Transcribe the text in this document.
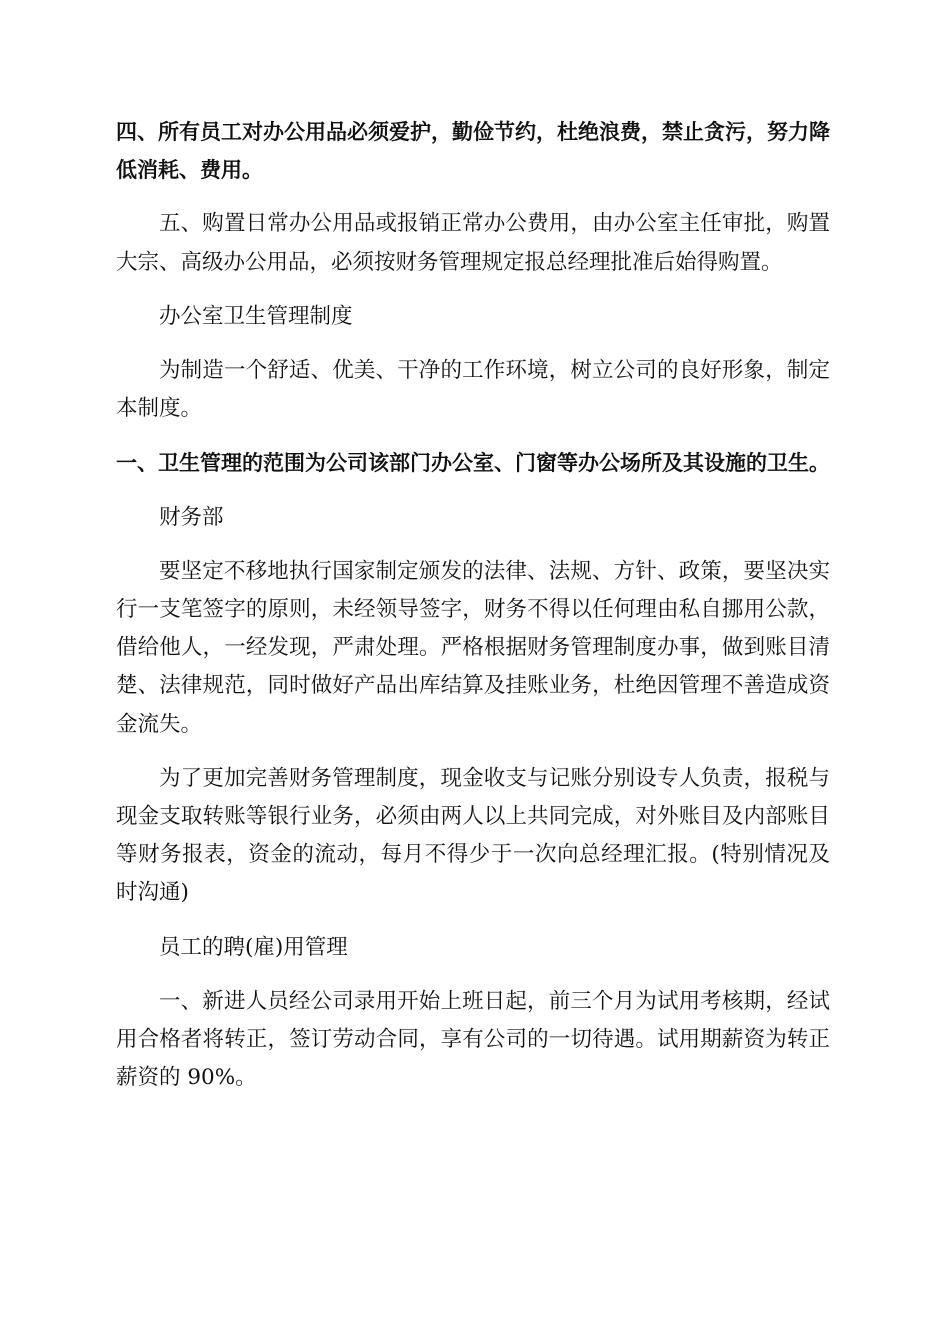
四、所有员工对办公用品必须爱护，勤俭节约，杜绝浪费，禁止贪污，努力降低消耗、费用。

五、购置日常办公用品或报销正常办公费用，由办公室主任审批，购置大宗、高级办公用品，必须按财务管理规定报总经理批准后始得购置。

办公室卫生管理制度

为制造一个舒适、优美、干净的工作环境，树立公司的良好形象，制定本制度。

一、卫生管理的范围为公司该部门办公室、门窗等办公场所及其设施的卫生。

财务部

要坚定不移地执行国家制定颁发的法律、法规、方针、政策，要坚决实行一支笔签字的原则，未经领导签字，财务不得以任何理由私自挪用公款，借给他人，一经发现，严肃处理。严格根据财务管理制度办事，做到账目清楚、法律规范，同时做好产品出库结算及挂账业务，杜绝因管理不善造成资金流失。

为了更加完善财务管理制度，现金收支与记账分别设专人负责，报税与现金支取转账等银行业务，必须由两人以上共同完成，对外账目及内部账目等财务报表，资金的流动，每月不得少于一次向总经理汇报。(特别情况及时沟通)

员工的聘(雇)用管理

一、新进人员经公司录用开始上班日起，前三个月为试用考核期，经试用合格者将转正，签订劳动合同，享有公司的一切待遇。试用期薪资为转正薪资的 90%。
